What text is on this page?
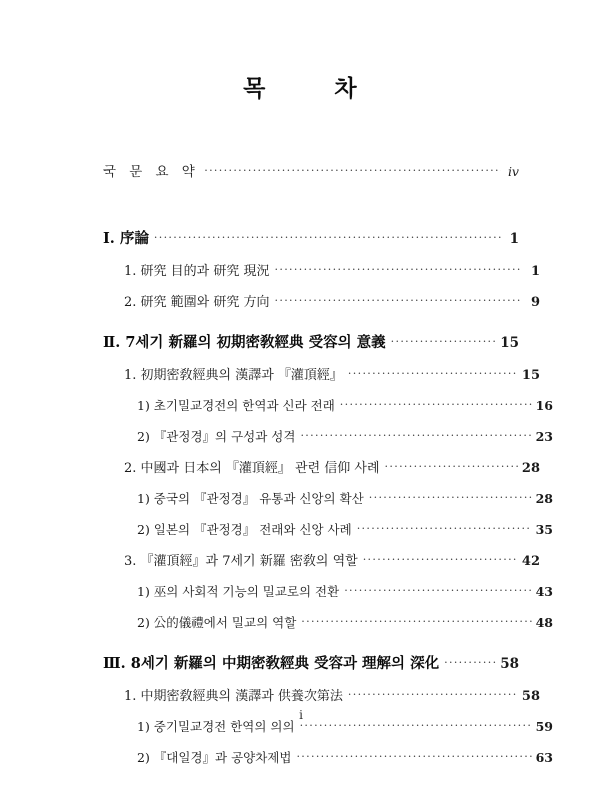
목	차
국 문 요 약 .....	iv
Ⅰ. 序論 .....	1
1. 研究 目的과 研究 現況 .....	1
2. 研究 範圍와 研究 方向 .....	9
Ⅱ. 7세기 新羅의 初期密敎經典 受容의 意義 .....	15
1. 初期密敎經典의 漢譯과 『灌頂經』 .....	15
1) 초기밀교경전의 한역과 신라 전래 .....	16
2) 『관정경』의 구성과 성격 .....	23
2. 中國과 日本의 『灌頂經』 관련 信仰 사례 .....	28
1) 중국의 『관정경』 유통과 신앙의 확산 .....	28
2) 일본의 『관정경』 전래와 신앙 사례 .....	35
3. 『灌頂經』과 7세기 新羅 密敎의 역할 .....	42
1) 巫의 사회적 기능의 밀교로의 전환 .....	43
2) 公的儀禮에서 밀교의 역할 .....	48
Ⅲ. 8세기 新羅의 中期密敎經典 受容과 理解의 深化 .....	58
1. 中期密敎經典의 漢譯과 供養次第法 .....	58
1) 중기밀교경전 한역의 의의 .....	59
2) 『대일경』과 공양차제법 .....	63
i
